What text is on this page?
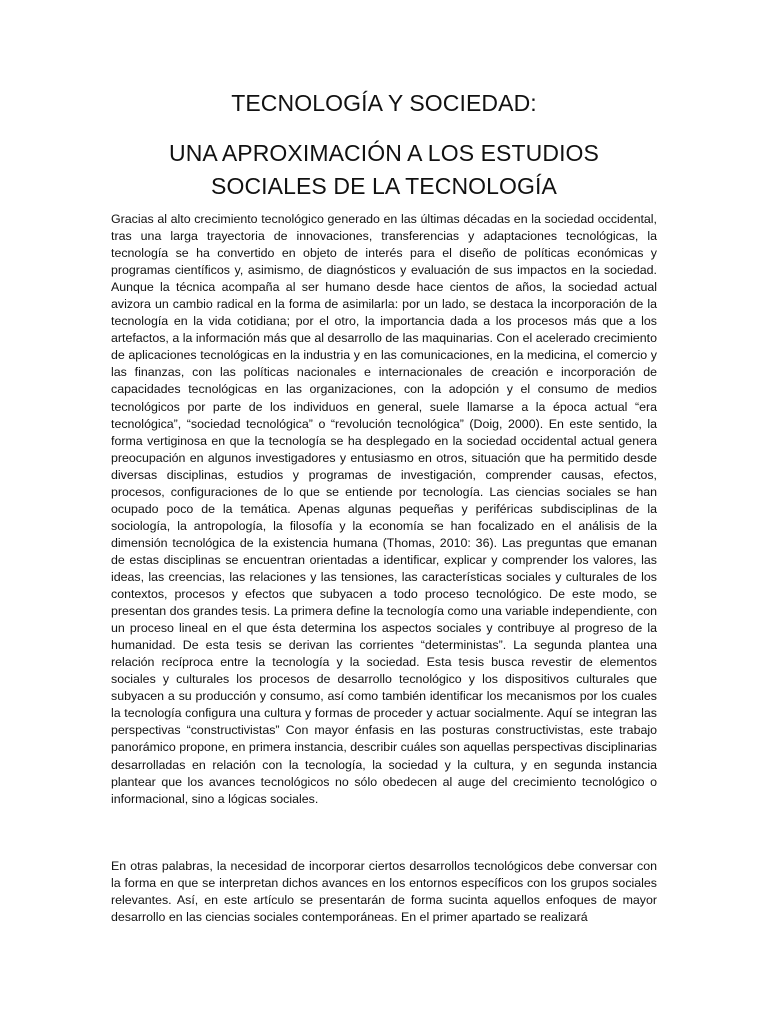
TECNOLOGÍA Y SOCIEDAD:
UNA APROXIMACIÓN A LOS ESTUDIOS
SOCIALES DE LA TECNOLOGÍA

Gracias al alto crecimiento tecnológico generado en las últimas décadas en la sociedad occidental, tras una larga trayectoria de innovaciones, transferencias y adaptaciones tecnológicas, la tecnología se ha convertido en objeto de interés para el diseño de políticas económicas y programas científicos y, asimismo, de diagnósticos y evaluación de sus impactos en la sociedad. Aunque la técnica acompaña al ser humano desde hace cientos de años, la sociedad actual avizora un cambio radical en la forma de asimilarla: por un lado, se destaca la incorporación de la tecnología en la vida cotidiana; por el otro, la importancia dada a los procesos más que a los artefactos, a la información más que al desarrollo de las maquinarias. Con el acelerado crecimiento de aplicaciones tecnológicas en la industria y en las comunicaciones, en la medicina, el comercio y las finanzas, con las políticas nacionales e internacionales de creación e incorporación de capacidades tecnológicas en las organizaciones, con la adopción y el consumo de medios tecnológicos por parte de los individuos en general, suele llamarse a la época actual “era tecnológica”, “sociedad tecnológica” o “revolución tecnológica” (Doig, 2000). En este sentido, la forma vertiginosa en que la tecnología se ha desplegado en la sociedad occidental actual genera preocupación en algunos investigadores y entusiasmo en otros, situación que ha permitido desde diversas disciplinas, estudios y programas de investigación, comprender causas, efectos, procesos, configuraciones de lo que se entiende por tecnología. Las ciencias sociales se han ocupado poco de la temática. Apenas algunas pequeñas y periféricas subdisciplinas de la sociología, la antropología, la filosofía y la economía se han focalizado en el análisis de la dimensión tecnológica de la existencia humana (Thomas, 2010: 36). Las preguntas que emanan de estas disciplinas se encuentran orientadas a identificar, explicar y comprender los valores, las ideas, las creencias, las relaciones y las tensiones, las características sociales y culturales de los contextos, procesos y efectos que subyacen a todo proceso tecnológico. De este modo, se presentan dos grandes tesis. La primera define la tecnología como una variable independiente, con un proceso lineal en el que ésta determina los aspectos sociales y contribuye al progreso de la humanidad. De esta tesis se derivan las corrientes “deterministas”. La segunda plantea una relación recíproca entre la tecnología y la sociedad. Esta tesis busca revestir de elementos sociales y culturales los procesos de desarrollo tecnológico y los dispositivos culturales que subyacen a su producción y consumo, así como también identificar los mecanismos por los cuales la tecnología configura una cultura y formas de proceder y actuar socialmente. Aquí se integran las perspectivas “constructivistas” Con mayor énfasis en las posturas constructivistas, este trabajo panorámico propone, en primera instancia, describir cuáles son aquellas perspectivas disciplinarias desarrolladas en relación con la tecnología, la sociedad y la cultura, y en segunda instancia plantear que los avances tecnológicos no sólo obedecen al auge del crecimiento tecnológico o informacional, sino a lógicas sociales.

En otras palabras, la necesidad de incorporar ciertos desarrollos tecnológicos debe conversar con la forma en que se interpretan dichos avances en los entornos específicos con los grupos sociales relevantes. Así, en este artículo se presentarán de forma sucinta aquellos enfoques de mayor desarrollo en las ciencias sociales contemporáneas. En el primer apartado se realizará
